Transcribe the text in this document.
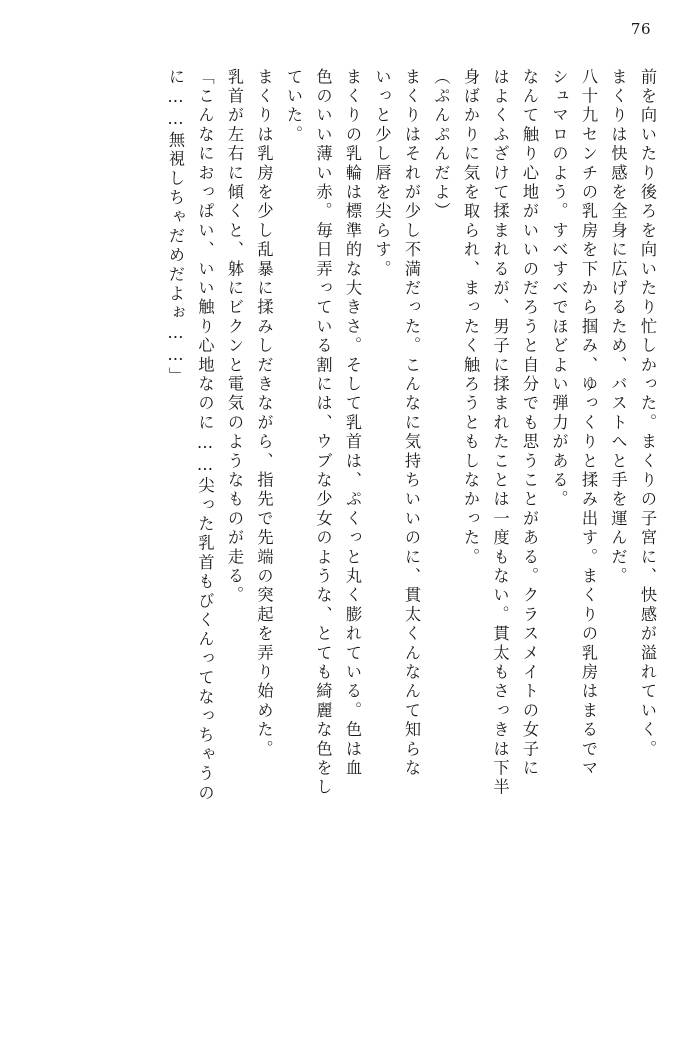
76
前を向いたり後ろを向いたり忙しかった。まくりの子宮に、快感が溢れていく。
まくりは快感を全身に広げるため、バストへと手を運んだ。
八十九センチの乳房を下から掴み、ゆっくりと揉み出す。まくりの乳房はまるでマ
シュマロのよう。すべすべでほどよい弾力がある。
なんて触り心地がいいのだろうと自分でも思うことがある。クラスメイトの女子に
はよくふざけて揉まれるが、男子に揉まれたことは一度もない。貫太もさっきは下半
身ばかりに気を取られ、まったく触ろうともしなかった。
（ぷんぷんだよ）
まくりはそれが少し不満だった。こんなに気持ちいいのに、貫太くんなんて知らな
いっと少し唇を尖らす。
まくりの乳輪は標準的な大きさ。そして乳首は、ぷくっと丸く膨れている。色は血
色のいい薄い赤。毎日弄っている割には、ウブな少女のような、とても綺麗な色をし
ていた。
まくりは乳房を少し乱暴に揉みしだきながら、指先で先端の突起を弄り始めた。
乳首が左右に傾くと、躰にビクンと電気のようなものが走る。
「こんなにおっぱい、いい触り心地なのに……尖った乳首もびくんってなっちゃうの
に……無視しちゃだめだよぉ……」
